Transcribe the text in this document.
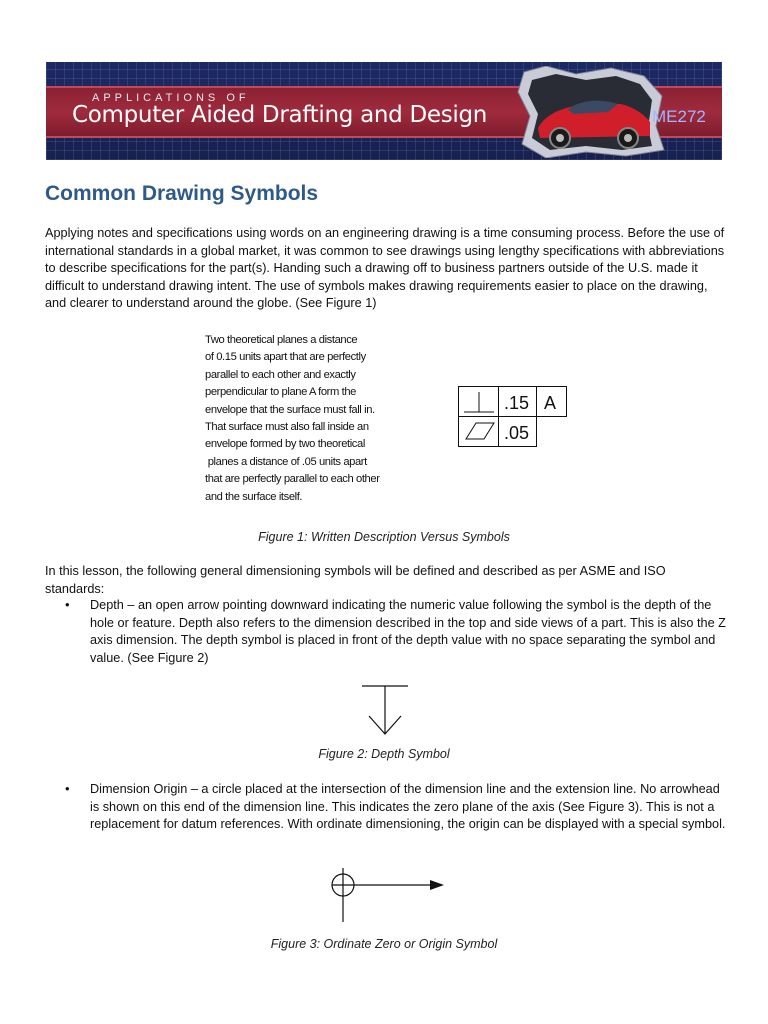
APPLICATIONS OF
Computer Aided Drafting and Design	ME272
Common Drawing Symbols

Applying notes and specifications using words on an engineering drawing is a time consuming process. Before the use of international standards in a global market, it was common to see drawings using lengthy specifications with abbreviations to describe specifications for the part(s). Handing such a drawing off to business partners outside of the U.S. made it difficult to understand drawing intent. The use of symbols makes drawing requirements easier to place on the drawing, and clearer to understand around the globe. (See Figure 1)

Two theoretical planes a distance
of 0.15 units apart that are perfectly
parallel to each other and exactly
perpendicular to plane A form the
envelope that the surface must fall in.
That surface must also fall inside an
envelope formed by two theoretical
planes a distance of .05 units apart
that are perfectly parallel to each other
and the surface itself.
.15 A
.05
Figure 1: Written Description Versus Symbols

In this lesson, the following general dimensioning symbols will be defined and described as per ASME and ISO standards:

• Depth – an open arrow pointing downward indicating the numeric value following the symbol is the depth of the hole or feature. Depth also refers to the dimension described in the top and side views of a part. This is also the Z axis dimension. The depth symbol is placed in front of the depth value with no space separating the symbol and value. (See Figure 2)

Figure 2: Depth Symbol
• Dimension Origin – a circle placed at the intersection of the dimension line and the extension line. No arrowhead is shown on this end of the dimension line. This indicates the zero plane of the axis (See Figure 3). This is not a replacement for datum references. With ordinate dimensioning, the origin can be displayed with a special symbol.

Figure 3: Ordinate Zero or Origin Symbol
